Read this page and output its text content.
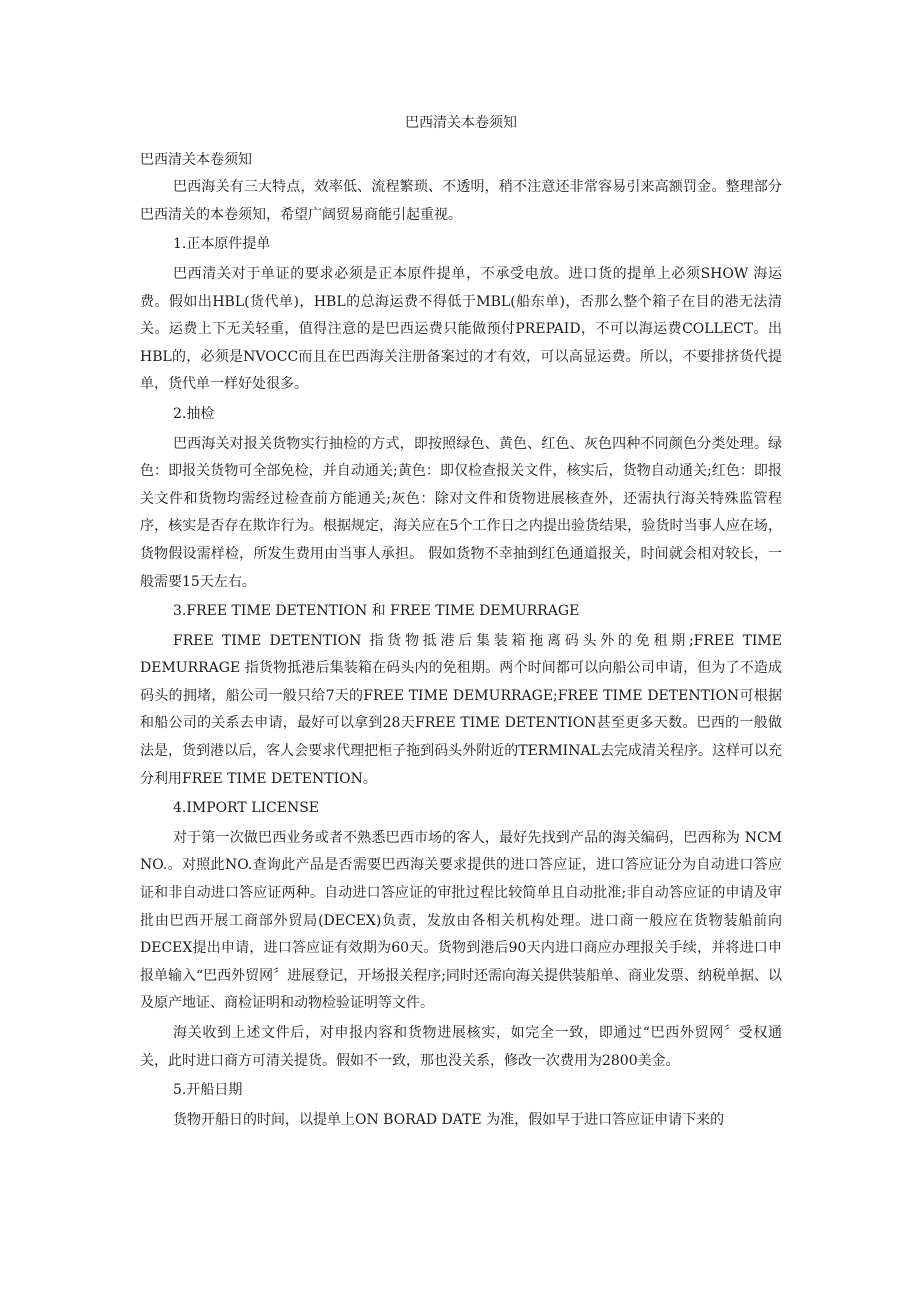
巴西清关本卷须知

巴西清关本卷须知

巴西海关有三大特点，效率低、流程繁琐、不透明，稍不注意还非常容易引来高额罚金。整理部分巴西清关的本卷须知，希望广阔贸易商能引起重视。

1.正本原件提单

巴西清关对于单证的要求必须是正本原件提单，不承受电放。进口货的提单上必须SHOW 海运费。假如出HBL(货代单)，HBL的总海运费不得低于MBL(船东单)，否那么整个箱子在目的港无法清关。运费上下无关轻重，值得注意的是巴西运费只能做预付PREPAID，不可以海运费COLLECT。出HBL的，必须是NVOCC而且在巴西海关注册备案过的才有效，可以高显运费。所以，不要排挤货代提单，货代单一样好处很多。

2.抽检

巴西海关对报关货物实行抽检的方式，即按照绿色、黄色、红色、灰色四种不同颜色分类处理。绿色：即报关货物可全部免检，并自动通关;黄色：即仅检查报关文件，核实后，货物自动通关;红色：即报关文件和货物均需经过检查前方能通关;灰色：除对文件和货物进展核查外，还需执行海关特殊监管程序，核实是否存在欺诈行为。根据规定，海关应在5个工作日之内提出验货结果，验货时当事人应在场，货物假设需样检，所发生费用由当事人承担。 假如货物不幸抽到红色通道报关，时间就会相对较长，一般需要15天左右。

3.FREE TIME DETENTION 和 FREE TIME DEMURRAGE

FREE TIME DETENTION 指货物抵港后集装箱拖离码头外的免租期;FREE TIME DEMURRAGE 指货物抵港后集装箱在码头内的免租期。两个时间都可以向船公司申请，但为了不造成码头的拥堵，船公司一般只给7天的FREE TIME DEMURRAGE;FREE TIME DETENTION可根据和船公司的关系去申请，最好可以拿到28天FREE TIME DETENTION甚至更多天数。巴西的一般做法是，货到港以后，客人会要求代理把柜子拖到码头外附近的TERMINAL去完成清关程序。这样可以充分利用FREE TIME DETENTION。

4.IMPORT LICENSE

对于第一次做巴西业务或者不熟悉巴西市场的客人，最好先找到产品的海关编码，巴西称为 NCM NO.。对照此NO.查询此产品是否需要巴西海关要求提供的进口答应证，进口答应证分为自动进口答应证和非自动进口答应证两种。自动进口答应证的审批过程比较简单且自动批准;非自动答应证的申请及审批由巴西开展工商部外贸局(DECEX)负责，发放由各相关机构处理。进口商一般应在货物装船前向DECEX提出申请，进口答应证有效期为60天。货物到港后90天内进口商应办理报关手续，并将进口申报单输入“巴西外贸网〞进展登记，开场报关程序;同时还需向海关提供装船单、商业发票、纳税单据、以及原产地证、商检证明和动物检验证明等文件。

海关收到上述文件后，对申报内容和货物进展核实，如完全一致，即通过“巴西外贸网〞受权通关，此时进口商方可清关提货。假如不一致，那也没关系，修改一次费用为2800美金。

5.开船日期

货物开船日的时间，以提单上ON BORAD DATE 为准，假如早于进口答应证申请下来的
